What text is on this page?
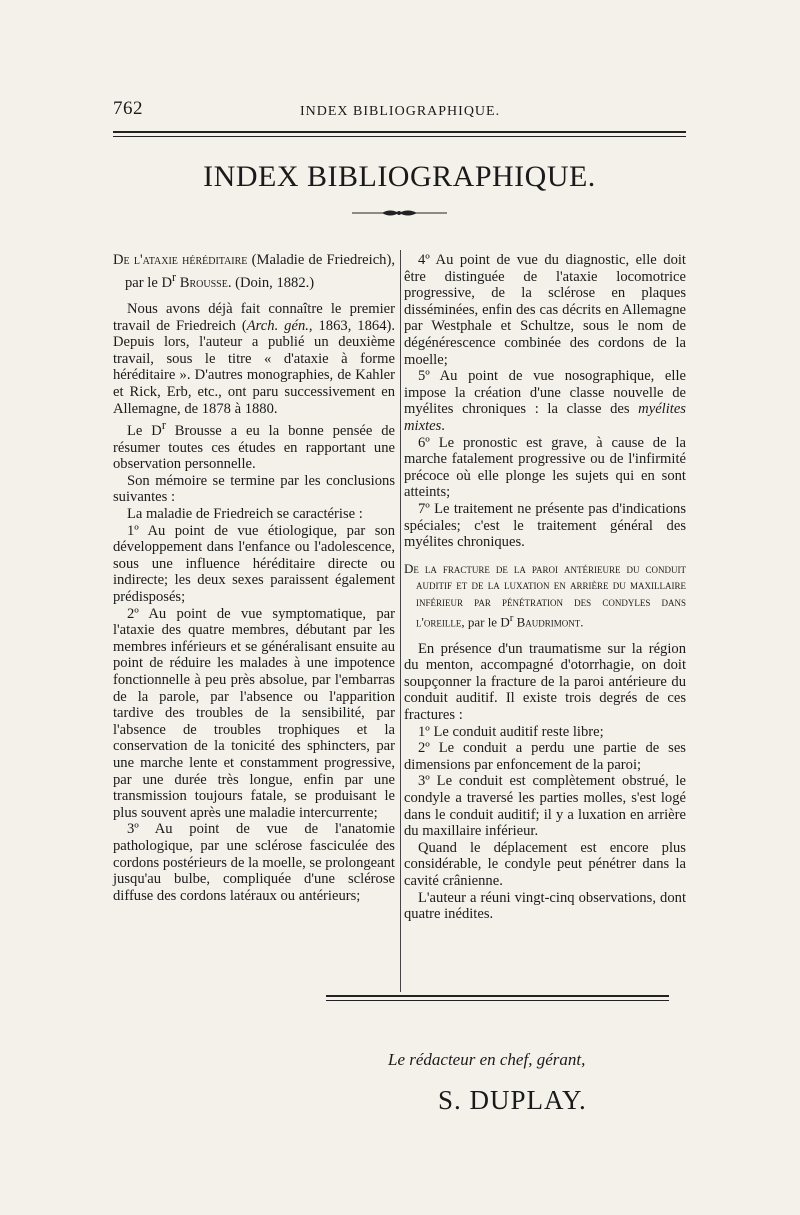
762	INDEX BIBLIOGRAPHIQUE.
INDEX BIBLIOGRAPHIQUE.

De l'ataxie héréditaire (Maladie de Friedreich), par le $D^r$ Brousse. (Doin, 1882.)

Nous avons déjà fait connaître le premier travail de Friedreich (Arch. gén., 1863, 1864). Depuis lors, l'auteur a publié un deuxième travail, sous le titre « d'ataxie à forme héréditaire ». D'autres monographies, de Kahler et Rick, Erb, etc., ont paru successivement en Allemagne, de 1878 à 1880.

Le $D^r$ Brousse a eu la bonne pensée de résumer toutes ces études en rapportant une observation personnelle.

Son mémoire se termine par les conclusions suivantes :

La maladie de Friedreich se caractérise :

1º Au point de vue étiologique, par son développement dans l'enfance ou l'adolescence, sous une influence héréditaire directe ou indirecte; les deux sexes paraissent également prédisposés;

2º Au point de vue symptomatique, par l'ataxie des quatre membres, débutant par les membres inférieurs et se généralisant ensuite au point de réduire les malades à une impotence fonctionnelle à peu près absolue, par l'embarras de la parole, par l'absence ou l'apparition tardive des troubles de la sensibilité, par l'absence de troubles trophiques et la conservation de la tonicité des sphincters, par une marche lente et constamment progressive, par une durée très longue, enfin par une transmission toujours fatale, se produisant le plus souvent après une maladie intercurrente;

3º Au point de vue de l'anatomie pathologique, par une sclérose fasciculée des cordons postérieurs de la moelle, se prolongeant jusqu'au bulbe, compliquée d'une sclérose diffuse des cordons latéraux ou antérieurs;

4º Au point de vue du diagnostic, elle doit être distinguée de l'ataxie locomotrice progressive, de la sclérose en plaques disséminées, enfin des cas décrits en Allemagne par Westphale et Schultze, sous le nom de dégénérescence combinée des cordons de la moelle;

5º Au point de vue nosographique, elle impose la création d'une classe nouvelle de myélites chroniques : la classe des myélites mixtes.

6º Le pronostic est grave, à cause de la marche fatalement progressive ou de l'infirmité précoce où elle plonge les sujets qui en sont atteints;

7º Le traitement ne présente pas d'indications spéciales; c'est le traitement général des myélites chroniques.

De la fracture de la paroi antérieure du conduit auditif et de la luxation en arrière du maxillaire inférieur par pénétration des condyles dans l'oreille, par le $D^r$ Baudrimont.

En présence d'un traumatisme sur la région du menton, accompagné d'otorrhagie, on doit soupçonner la fracture de la paroi antérieure du conduit auditif. Il existe trois degrés de ces fractures :

1º Le conduit auditif reste libre;

2º Le conduit a perdu une partie de ses dimensions par enfoncement de la paroi;

3º Le conduit est complètement obstrué, le condyle a traversé les parties molles, s'est logé dans le conduit auditif; il y a luxation en arrière du maxillaire inférieur.

Quand le déplacement est encore plus considérable, le condyle peut pénétrer dans la cavité crânienne.

L'auteur a réuni vingt-cinq observations, dont quatre inédites.

Le rédacteur en chef, gérant,
S. DUPLAY.
